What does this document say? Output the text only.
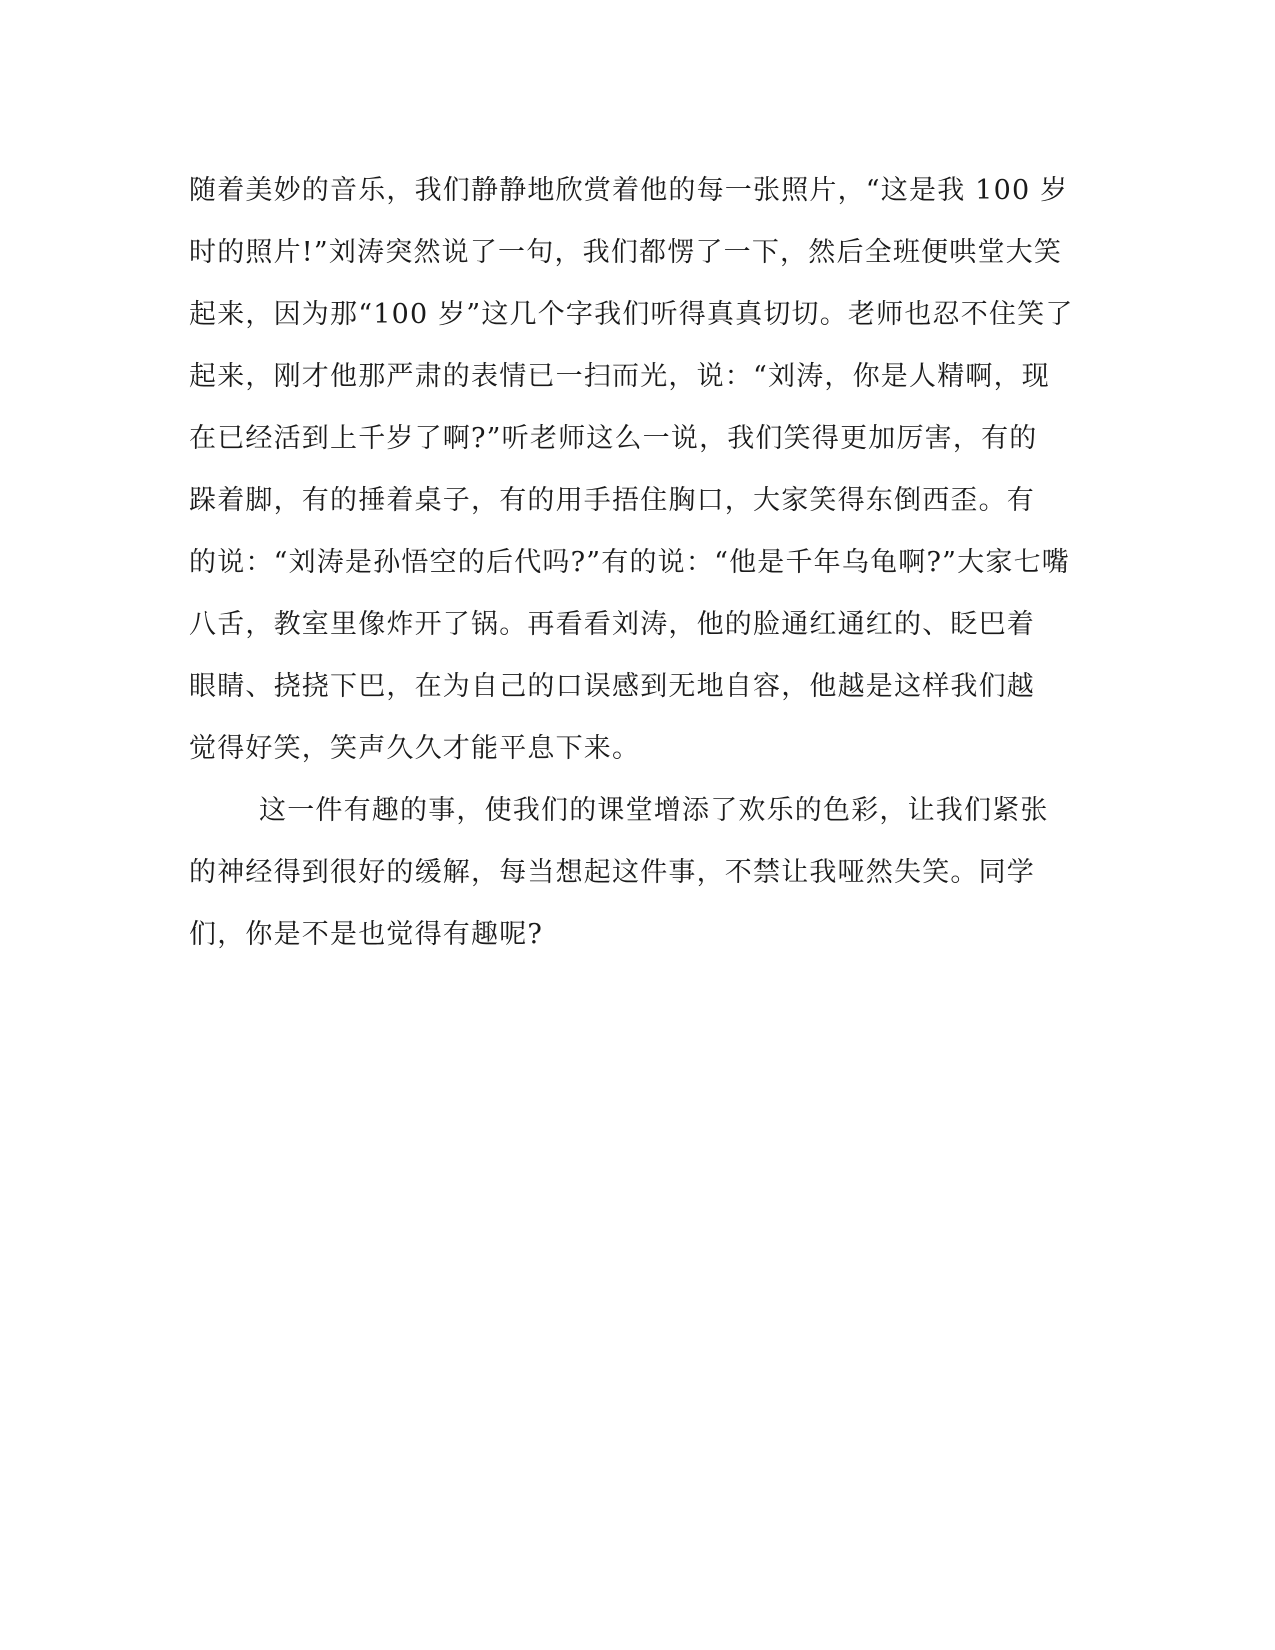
随着美妙的音乐，我们静静地欣赏着他的每一张照片，“这是我 100 岁
时的照片!”刘涛突然说了一句，我们都愣了一下，然后全班便哄堂大笑
起来，因为那“100 岁”这几个字我们听得真真切切。老师也忍不住笑了
起来，刚才他那严肃的表情已一扫而光，说：“刘涛，你是人精啊，现
在已经活到上千岁了啊?”听老师这么一说，我们笑得更加厉害，有的
跺着脚，有的捶着桌子，有的用手捂住胸口，大家笑得东倒西歪。有
的说：“刘涛是孙悟空的后代吗?”有的说：“他是千年乌龟啊?”大家七嘴
八舌，教室里像炸开了锅。再看看刘涛，他的脸通红通红的、眨巴着
眼睛、挠挠下巴，在为自己的口误感到无地自容，他越是这样我们越
觉得好笑，笑声久久才能平息下来。
这一件有趣的事，使我们的课堂增添了欢乐的色彩，让我们紧张
的神经得到很好的缓解，每当想起这件事，不禁让我哑然失笑。同学
们，你是不是也觉得有趣呢?
